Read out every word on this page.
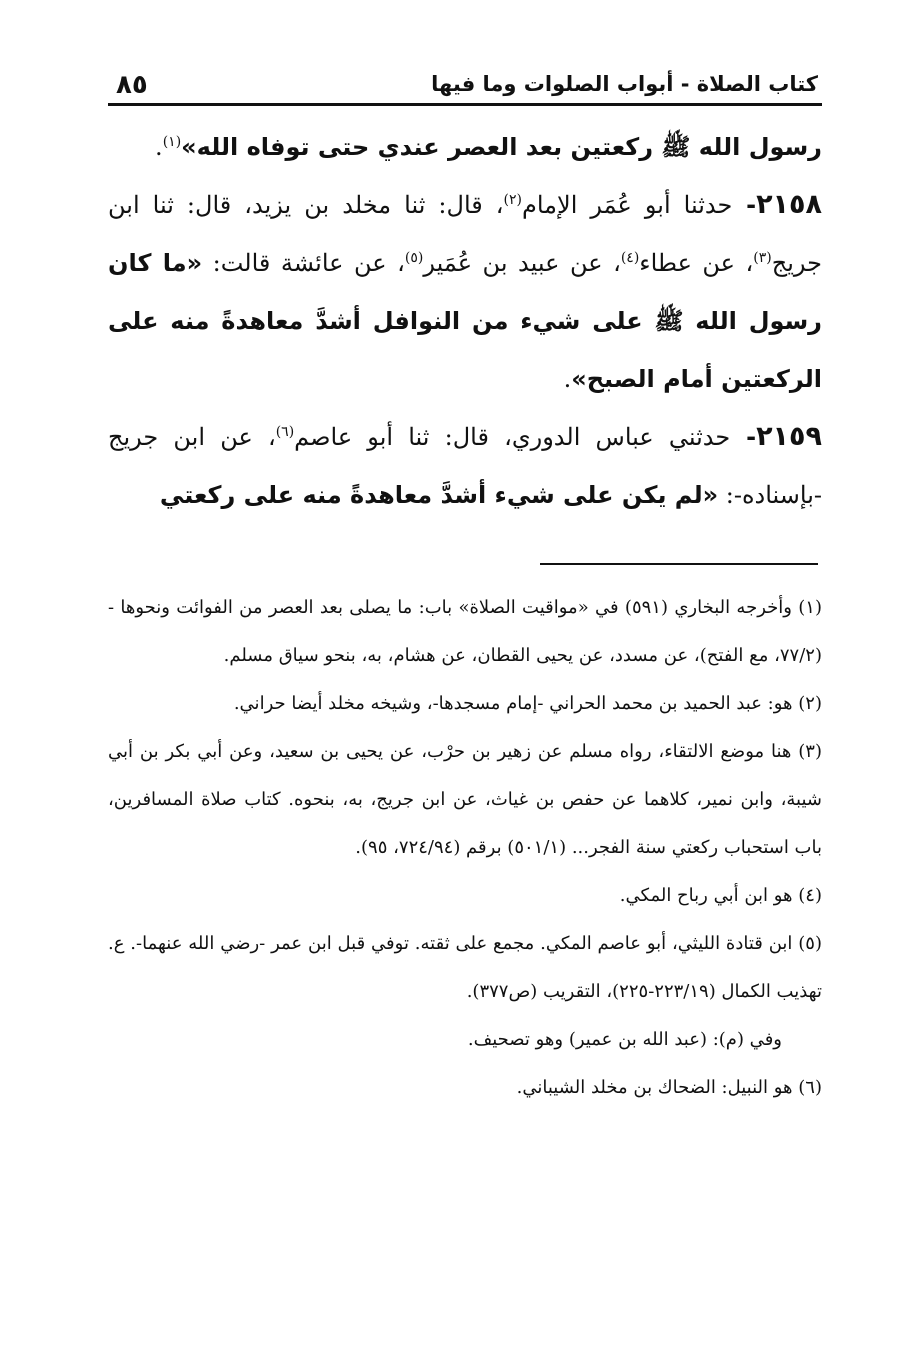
٨٥	كتاب الصلاة - أبواب الصلوات وما فيها

رسول الله ﷺ ركعتين بعد العصر عندي حتى توفاه الله»$^{(١)}$.

٢١٥٨- حدثنا أبو عُمَر الإمام$^{(٢)}$، قال: ثنا مخلد بن يزيد، قال: ثنا ابن جريج$^{(٣)}$، عن عطاء$^{(٤)}$، عن عبيد بن عُمَير$^{(٥)}$، عن عائشة قالت: «ما كان رسول الله ﷺ على شيء من النوافل أشدَّ معاهدةً منه على الركعتين أمام الصبح».

٢١٥٩- حدثني عباس الدوري، قال: ثنا أبو عاصم$^{(٦)}$، عن ابن جريج -بإسناده-: «لم يكن على شيء أشدَّ معاهدةً منه على ركعتي

(١) وأخرجه البخاري (٥٩١) في «مواقيت الصلاة» باب: ما يصلى بعد العصر من الفوائت ونحوها - (٧٧/٢، مع الفتح)، عن مسدد، عن يحيى القطان، عن هشام، به، بنحو سياق مسلم.

(٢) هو: عبد الحميد بن محمد الحراني -إمام مسجدها-، وشيخه مخلد أيضا حراني.

(٣) هنا موضع الالتقاء، رواه مسلم عن زهير بن حرْب، عن يحيى بن سعيد، وعن أبي بكر بن أبي شيبة، وابن نمير، كلاهما عن حفص بن غياث، عن ابن جريج، به، بنحوه. كتاب صلاة المسافرين، باب استحباب ركعتي سنة الفجر... (٥٠١/١) برقم (٧٢٤/٩٤، ٩٥).

(٤) هو ابن أبي رباح المكي.

(٥) ابن قتادة الليثي، أبو عاصم المكي. مجمع على ثقته. توفي قبل ابن عمر -رضي الله عنهما-. ع. تهذيب الكمال (٢٢٣/١٩-٢٢٥)، التقريب (ص٣٧٧).

وفي (م): (عبد الله بن عمير) وهو تصحيف.

(٦) هو النبيل: الضحاك بن مخلد الشيباني.
